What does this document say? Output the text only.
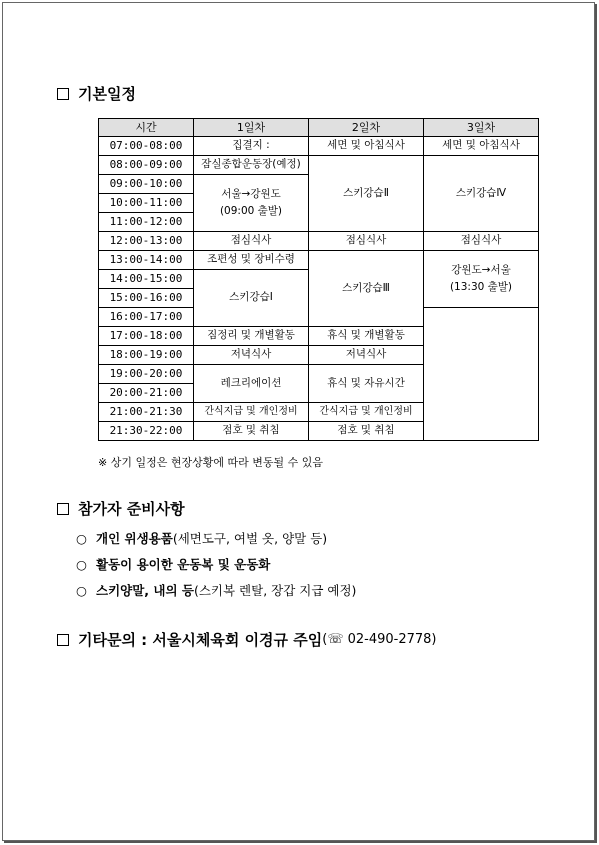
기본일정
시간	1일차	2일차	3일차
07:00-08:00	집결지 :	세면 및 아침식사	세면 및 아침식사
08:00-09:00	잠실종합운동장(예정)	스키강습Ⅱ	스키강습Ⅳ
09:00-10:00	서울→강원도
(09:00 출발)		

10:00-11:00			
11:00-12:00			
12:00-13:00	점심식사	점심식사	점심식사
13:00-14:00	조편성 및 장비수령	스키강습Ⅲ	강원도→서울
(13:30 출발)

14:00-15:00	스키강습Ⅰ		
15:00-16:00			
16:00-17:00			
17:00-18:00	짐정리 및 개별활동	휴식 및 개별활동	
18:00-19:00	저녁식사	저녁식사	
19:00-20:00	레크리에이션	휴식 및 자유시간	
20:00-21:00			
21:00-21:30	간식지급 및 개인정비	간식지급 및 개인정비	
21:30-22:00	점호 및 취침	점호 및 취침	
※ 상기 일정은 현장상황에 따라 변동될 수 있음
참가자 준비사항
○ 개인 위생용품(세면도구, 여벌 옷, 양말 등)
○ 활동이 용이한 운동복 및 운동화
○ 스키양말, 내의 등(스키복 렌탈, 장갑 지급 예정)
기타문의 : 서울시체육회 이경규 주임 ( ☏ 02-490-2778 )
